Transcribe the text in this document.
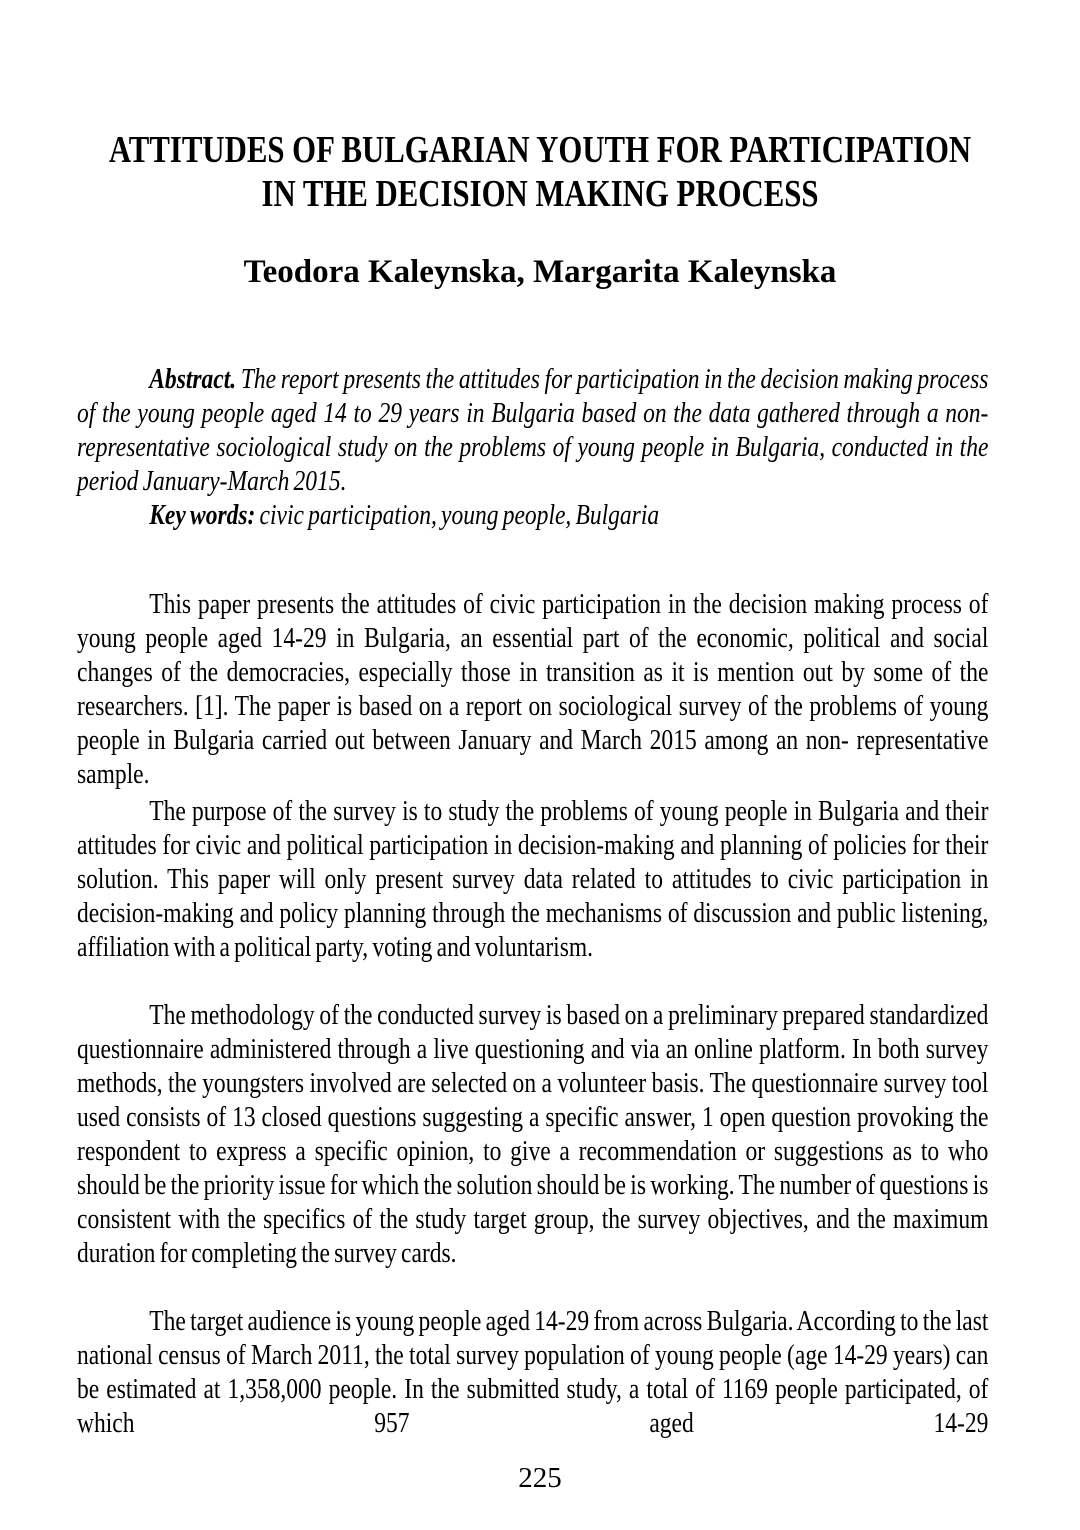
ATTITUDES OF BULGARIAN YOUTH FOR PARTICIPATION
IN THE DECISION MAKING PROCESS
Teodora Kaleynska, Margarita Kaleynska

Abstract. The report presents the attitudes for participation in the decision making process of the young people aged 14 to 29 years in Bulgaria based on the data gathered through a non-representative sociological study on the problems of young people in Bulgaria, conducted in the period January-March 2015.

Key words: civic participation, young people, Bulgaria

This paper presents the attitudes of civic participation in the decision making process of young people aged 14-29 in Bulgaria, an essential part of the economic, political and social changes of the democracies, especially those in transition as it is mention out by some of the researchers. [1]. The paper is based on a report on sociological survey of the problems of young people in Bulgaria carried out between January and March 2015 among an non- representative sample.

The purpose of the survey is to study the problems of young people in Bulgaria and their attitudes for civic and political participation in decision-making and planning of policies for their solution. This paper will only present survey data related to attitudes to civic participation in decision-making and policy planning through the mechanisms of discussion and public listening, affiliation with a political party, voting and voluntarism.

The methodology of the conducted survey is based on a preliminary prepared standardized questionnaire administered through a live questioning and via an online platform. In both survey methods, the youngsters involved are selected on a volunteer basis. The questionnaire survey tool used consists of 13 closed questions suggesting a specific answer, 1 open question provoking the respondent to express a specific opinion, to give a recommendation or suggestions as to who should be the priority issue for which the solution should be is working. The number of questions is consistent with the specifics of the study target group, the survey objectives, and the maximum duration for completing the survey cards.

The target audience is young people aged 14-29 from across Bulgaria. According to the last national census of March 2011, the total survey population of young people (age 14-29 years) can be estimated at 1,358,000 people. In the submitted study, a total of 1169 people participated, of which 957 aged 14-29

225
